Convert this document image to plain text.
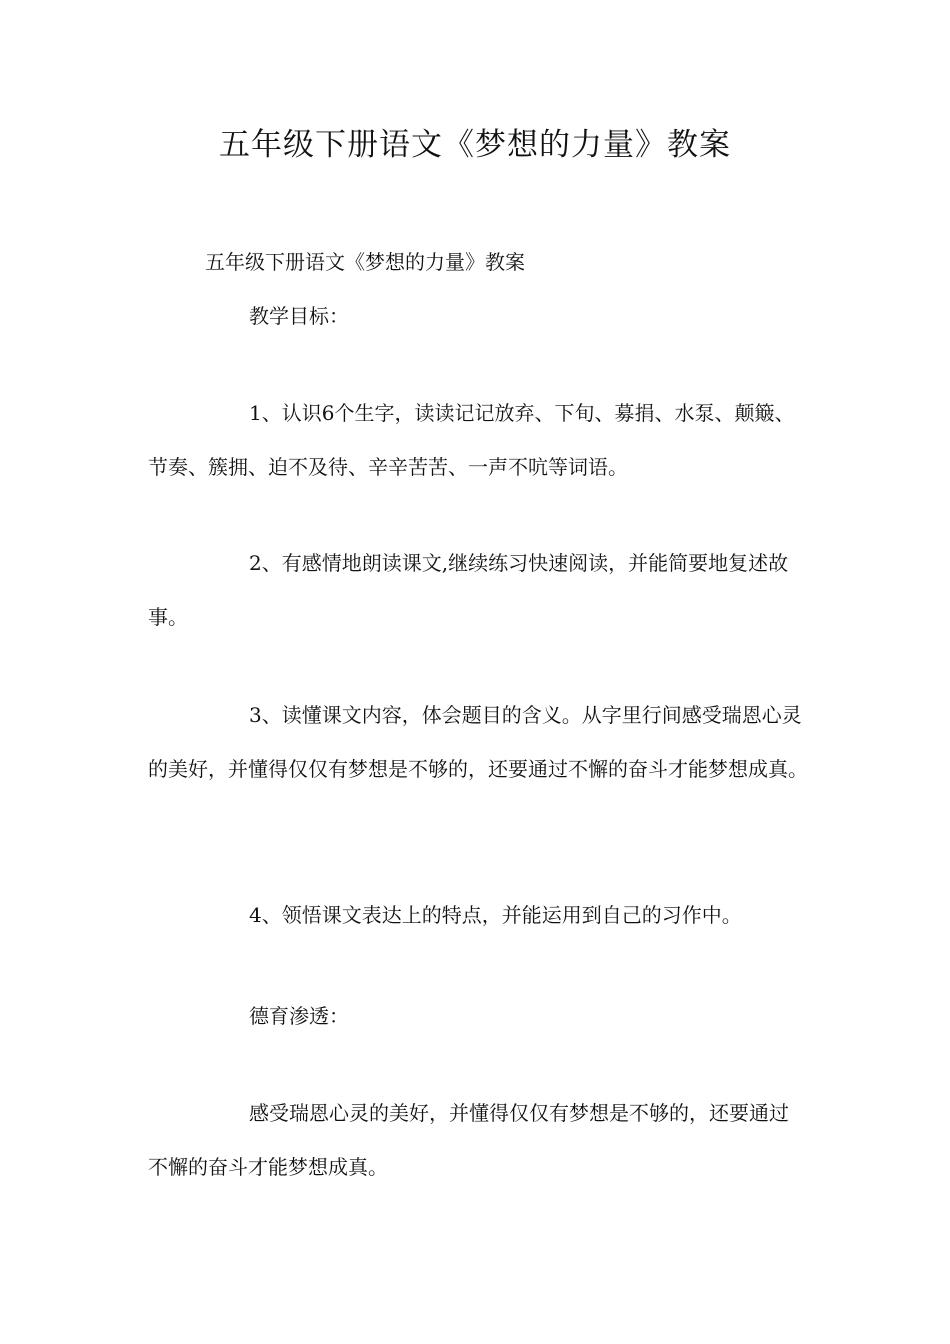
五年级下册语文《梦想的力量》教案
五年级下册语文《梦想的力量》教案
教学目标：
1、认识6个生字，读读记记放弃、下旬、募捐、水泵、颠簸、节奏、簇拥、迫不及待、辛辛苦苦、一声不吭等词语。
2、有感情地朗读课文,继续练习快速阅读，并能简要地复述故事。
3、读懂课文内容，体会题目的含义。从字里行间感受瑞恩心灵的美好，并懂得仅仅有梦想是不够的，还要通过不懈的奋斗才能梦想成真。
4、领悟课文表达上的特点，并能运用到自己的习作中。
德育渗透：
感受瑞恩心灵的美好，并懂得仅仅有梦想是不够的，还要通过不懈的奋斗才能梦想成真。
